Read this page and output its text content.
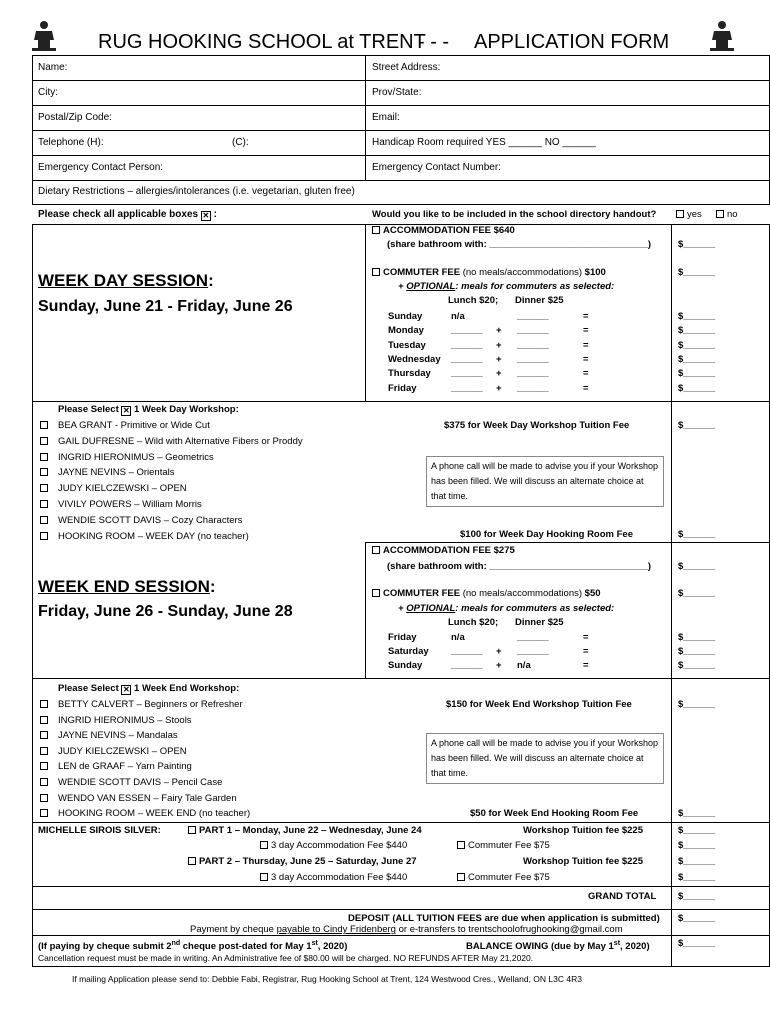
RUG HOOKING SCHOOL at TRENT
- - - APPLICATION FORM
Name:	Street Address:
City:	Prov/State:
Postal/Zip Code:	Email:
Telephone (H):	(C):	Handicap Room required YES ______ NO ______
Emergency Contact Person:	Emergency Contact Number:
Dietary Restrictions – allergies/intolerances (i.e. vegetarian, gluten free)
Please check all applicable boxes ✕ :	Would you like to be included in the school directory handout?	yes	no
WEEK DAY SESSION:
Sunday, June 21 - Friday, June 26
ACCOMMODATION FEE $640
(share bathroom with: ______________________________)	$______
COMMUTER FEE (no meals/accommodations) $100	$______
+ OPTIONAL: meals for commuters as selected:
Lunch $20; Dinner $25
Sunday	n/a	______	=	$______
Monday	______ + ______	=	$______
Tuesday	______ + ______	=	$______
Wednesday ______ + ______	=	$______
Thursday ______ + ______	=	$______
Friday	______ + ______	=	$______
Please Select ✕ 1 Week Day Workshop:
BEA GRANT - Primitive or Wide Cut
GAIL DUFRESNE – Wild with Alternative Fibers or Proddy
INGRID HIERONIMUS – Geometrics
JAYNE NEVINS – Orientals
JUDY KIELCZEWSKI – OPEN
VIVILY POWERS – William Morris
WENDIE SCOTT DAVIS – Cozy Characters
HOOKING ROOM – WEEK DAY (no teacher)
$375 for Week Day Workshop Tuition Fee	$______
A phone call will be made to advise you if your Workshop has been filled. We will discuss an alternate choice at that time.
$100 for Week Day Hooking Room Fee	$______
WEEK END SESSION:
Friday, June 26 - Sunday, June 28
ACCOMMODATION FEE $275
(share bathroom with: ______________________________)	$______
COMMUTER FEE (no meals/accommodations) $50	$______
+ OPTIONAL: meals for commuters as selected:
Lunch $20; Dinner $25
Friday	n/a	______	=	$______
Saturday ______ + ______	=	$______
Sunday	______ + n/a	=	$______
Please Select ✕ 1 Week End Workshop:
BETTY CALVERT – Beginners or Refresher
INGRID HIERONIMUS – Stools
JAYNE NEVINS – Mandalas
JUDY KIELCZEWSKI – OPEN
LEN de GRAAF – Yarn Painting
WENDIE SCOTT DAVIS – Pencil Case
WENDO VAN ESSEN – Fairy Tale Garden
HOOKING ROOM – WEEK END (no teacher)
$150 for Week End Workshop Tuition Fee	$______
A phone call will be made to advise you if your Workshop has been filled. We will discuss an alternate choice at that time.
$50 for Week End Hooking Room Fee	$______
MICHELLE SIROIS SILVER:	PART 1 – Monday, June 22 – Wednesday, June 24	Workshop Tuition fee $225	$______
3 day Accommodation Fee $440	Commuter Fee $75	$______
PART 2 – Thursday, June 25 – Saturday, June 27	Workshop Tuition fee $225	$______
3 day Accommodation Fee $440	Commuter Fee $75	$______
GRAND TOTAL $______
DEPOSIT (ALL TUITION FEES are due when application is submitted) $______
Payment by cheque payable to Cindy Fridenberg or e-transfers to trentschoolofrughooking@gmail.com
(If paying by cheque submit 2nd cheque post-dated for May 1st, 2020)	BALANCE OWING (due by May 1st, 2020)	$______
Cancellation request must be made in writing. An Administrative fee of $80.00 will be charged. NO REFUNDS AFTER May 21,2020.
If mailing Application please send to: Debbie Fabi, Registrar, Rug Hooking School at Trent, 124 Westwood Cres., Welland, ON L3C 4R3
